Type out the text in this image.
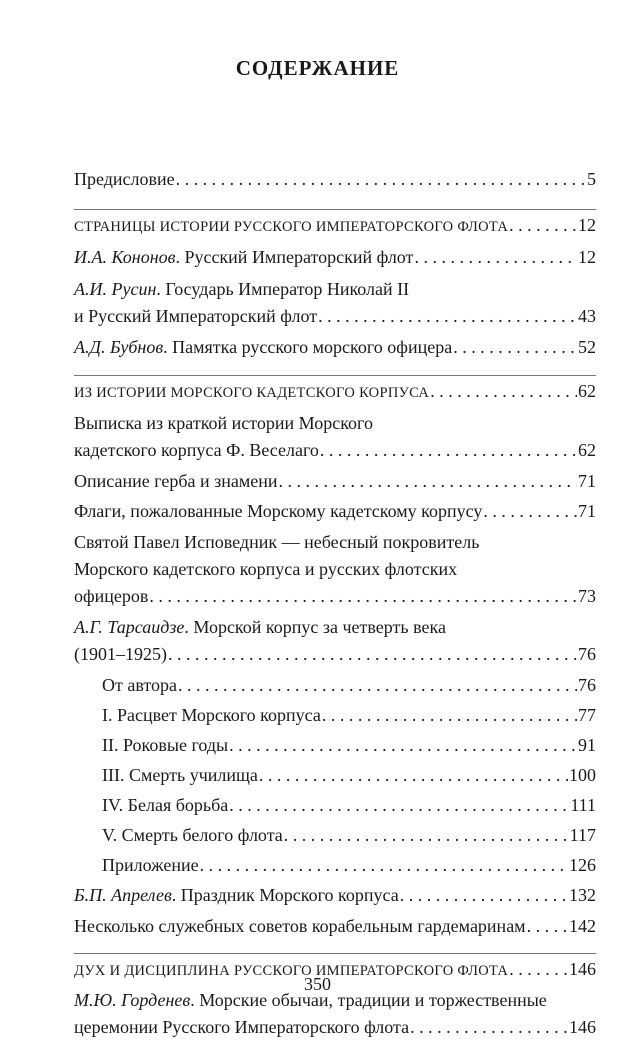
СОДЕРЖАНИЕ
Предисловие . . .	5
СТРАНИЦЫ ИСТОРИИ РУССКОГО ИМПЕРАТОРСКОГО ФЛОТА . . .	12
И.А. Кононов. Русский Императорский флот . . .	12
А.И. Русин. Государь Император Николай II
и Русский Императорский флот . . .	43
А.Д. Бубнов. Памятка русского морского офицера . . .	52
ИЗ ИСТОРИИ МОРСКОГО КАДЕТСКОГО КОРПУСА . . .	62
Выписка из краткой истории Морского
кадетского корпуса Ф. Веселаго . . .	62
Описание герба и знамени . . .	71
Флаги, пожалованные Морскому кадетскому корпусу . . .	71
Святой Павел Исповедник — небесный покровитель
Морского кадетского корпуса и русских флотских
офицеров . . .	73
А.Г. Тарсаидзе. Морской корпус за четверть века
(1901–1925) . . .	76
От автора . . .	76
I. Расцвет Морского корпуса . . .	77
II. Роковые годы . . .	91
III. Смерть училища . . .	100
IV. Белая борьба . . .	111
V. Смерть белого флота . . .	117
Приложение . . .	126
Б.П. Апрелев. Праздник Морского корпуса . . .	132
Несколько служебных советов корабельным гардемаринам . . . 142
ДУХ И ДИСЦИПЛИНА РУССКОГО ИМПЕРАТОРСКОГО ФЛОТА . . .	146
М.Ю. Горденев. Морские обычаи, традиции и торжественные
церемонии Русского Императорского флота . . .	146
350
